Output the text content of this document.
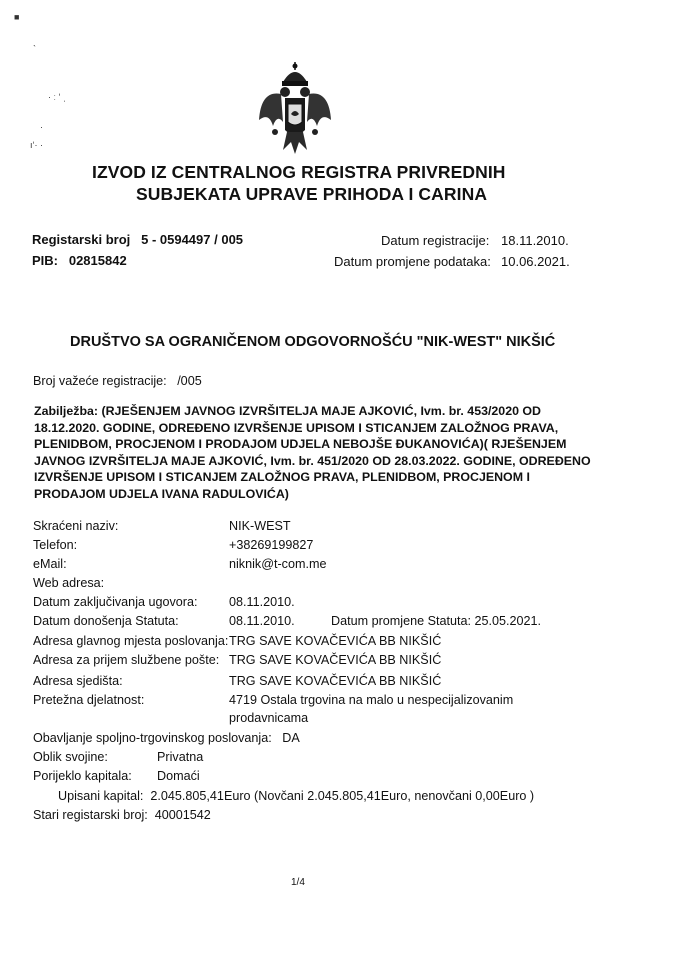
■
`
· ː ‘ ˌ
·
ı‘· ·
IZVOD IZ CENTRALNOG REGISTRA PRIVREDNIH
SUBJEKATA UPRAVE PRIHODA I CARINA
Registarski broj 5 - 0594497 / 005
PIB: 02815842
Datum registracije: 18.11.2010.
Datum promjene podataka: 10.06.2021.
DRUŠTVO SA OGRANIČENOM ODGOVORNOŠĆU "NIK-WEST" NIKŠIĆ
Broj važeće registracije: /005
Zabilježba: (RJEŠENJEM JAVNOG IZVRŠITELJA MAJE AJKOVIĆ, Ivm. br. 453/2020 OD 18.12.2020. GODINE, ODREĐENO IZVRŠENJE UPISOM I STICANJEM ZALOŽNOG PRAVA, PLENIDBOM, PROCJENOM I PRODAJOM UDJELA NEBOJŠE ĐUKANOVIĆA)( RJEŠENJEM JAVNOG IZVRŠITELJA MAJE AJKOVIĆ, Ivm. br. 451/2020 OD 28.03.2022. GODINE, ODREĐENO IZVRŠENJE UPISOM I STICANJEM ZALOŽNOG PRAVA, PLENIDBOM, PROCJENOM I PRODAJOM UDJELA IVANA RADULOVIĆA)
Skraćeni naziv:	NIK-WEST
Telefon:	+38269199827
eMail:	niknik@t-com.me
Web adresa:
Datum zaključivanja ugovora:	08.11.2010.
Datum donošenja Statuta:	08.11.2010.	Datum promjene Statuta: 25.05.2021.
Adresa glavnog mjesta poslovanja: TRG SAVE KOVAČEVIĆA BB NIKŠIĆ
Adresa za prijem službene pošte: TRG SAVE KOVAČEVIĆA BB NIKŠIĆ
Adresa sjedišta:	TRG SAVE KOVAČEVIĆA BB NIKŠIĆ
Pretežna djelatnost:	4719 Ostala trgovina na malo u nespecijalizovanim
prodavnicama
Obavljanje spoljno-trgovinskog poslovanja: DA
Oblik svojine:	Privatna
Porijeklo kapitala: Domaći
Upisani kapital: 2.045.805,41Euro (Novčani 2.045.805,41Euro, nenovčani 0,00Euro )
Stari registarski broj: 40001542
1/4
